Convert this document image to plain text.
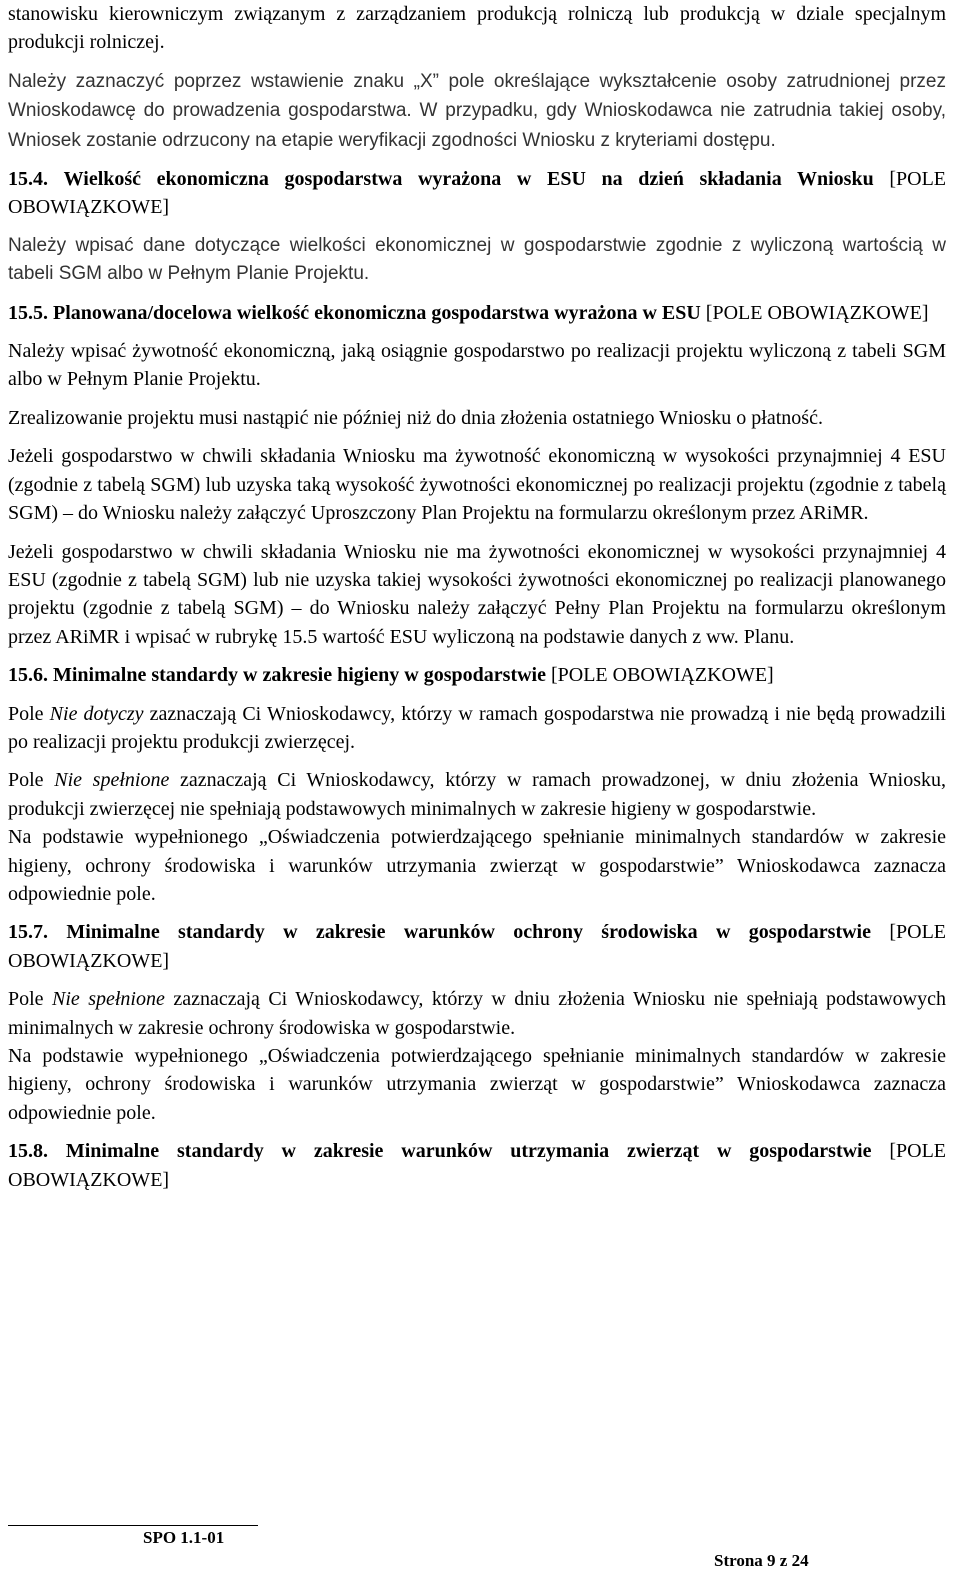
stanowisku kierowniczym związanym z zarządzaniem produkcją rolniczą lub produkcją w dziale specjalnym produkcji rolniczej.

Należy zaznaczyć poprzez wstawienie znaku „X” pole określające wykształcenie osoby zatrudnionej przez Wnioskodawcę do prowadzenia gospodarstwa. W przypadku, gdy Wnioskodawca nie zatrudnia takiej osoby, Wniosek zostanie odrzucony na etapie weryfikacji zgodności Wniosku z kryteriami dostępu.

15.4. Wielkość ekonomiczna gospodarstwa wyrażona w ESU na dzień składania Wniosku [POLE OBOWIĄZKOWE]

Należy wpisać dane dotyczące wielkości ekonomicznej w gospodarstwie zgodnie z wyliczoną wartością w tabeli SGM albo w Pełnym Planie Projektu.

15.5. Planowana/docelowa wielkość ekonomiczna gospodarstwa wyrażona w ESU [POLE OBOWIĄZKOWE]

Należy wpisać żywotność ekonomiczną, jaką osiągnie gospodarstwo po realizacji projektu wyliczoną z tabeli SGM albo w Pełnym Planie Projektu.

Zrealizowanie projektu musi nastąpić nie później niż do dnia złożenia ostatniego Wniosku o płatność.

Jeżeli gospodarstwo w chwili składania Wniosku ma żywotność ekonomiczną w wysokości przynajmniej 4 ESU (zgodnie z tabelą SGM) lub uzyska taką wysokość żywotności ekonomicznej po realizacji projektu (zgodnie z tabelą SGM) – do Wniosku należy załączyć Uproszczony Plan Projektu na formularzu określonym przez ARiMR.

Jeżeli gospodarstwo w chwili składania Wniosku nie ma żywotności ekonomicznej w wysokości przynajmniej 4 ESU (zgodnie z tabelą SGM) lub nie uzyska takiej wysokości żywotności ekonomicznej po realizacji planowanego projektu (zgodnie z tabelą SGM) – do Wniosku należy załączyć Pełny Plan Projektu na formularzu określonym przez ARiMR i wpisać w rubrykę 15.5 wartość ESU wyliczoną na podstawie danych z ww. Planu.

15.6. Minimalne standardy w zakresie higieny w gospodarstwie [POLE OBOWIĄZKOWE]

Pole Nie dotyczy zaznaczają Ci Wnioskodawcy, którzy w ramach gospodarstwa nie prowadzą i nie będą prowadzili po realizacji projektu produkcji zwierzęcej.

Pole Nie spełnione zaznaczają Ci Wnioskodawcy, którzy w ramach prowadzonej, w dniu złożenia Wniosku, produkcji zwierzęcej nie spełniają podstawowych minimalnych w zakresie higieny w gospodarstwie.

Na podstawie wypełnionego „Oświadczenia potwierdzającego spełnianie minimalnych standardów w zakresie higieny, ochrony środowiska i warunków utrzymania zwierząt w gospodarstwie” Wnioskodawca zaznacza odpowiednie pole.

15.7. Minimalne standardy w zakresie warunków ochrony środowiska w gospodarstwie [POLE OBOWIĄZKOWE]

Pole Nie spełnione zaznaczają Ci Wnioskodawcy, którzy w dniu złożenia Wniosku nie spełniają podstawowych minimalnych w zakresie ochrony środowiska w gospodarstwie.

Na podstawie wypełnionego „Oświadczenia potwierdzającego spełnianie minimalnych standardów w zakresie higieny, ochrony środowiska i warunków utrzymania zwierząt w gospodarstwie” Wnioskodawca zaznacza odpowiednie pole.

15.8. Minimalne standardy w zakresie warunków utrzymania zwierząt w gospodarstwie [POLE OBOWIĄZKOWE]

SPO 1.1-01
Strona 9 z 24
